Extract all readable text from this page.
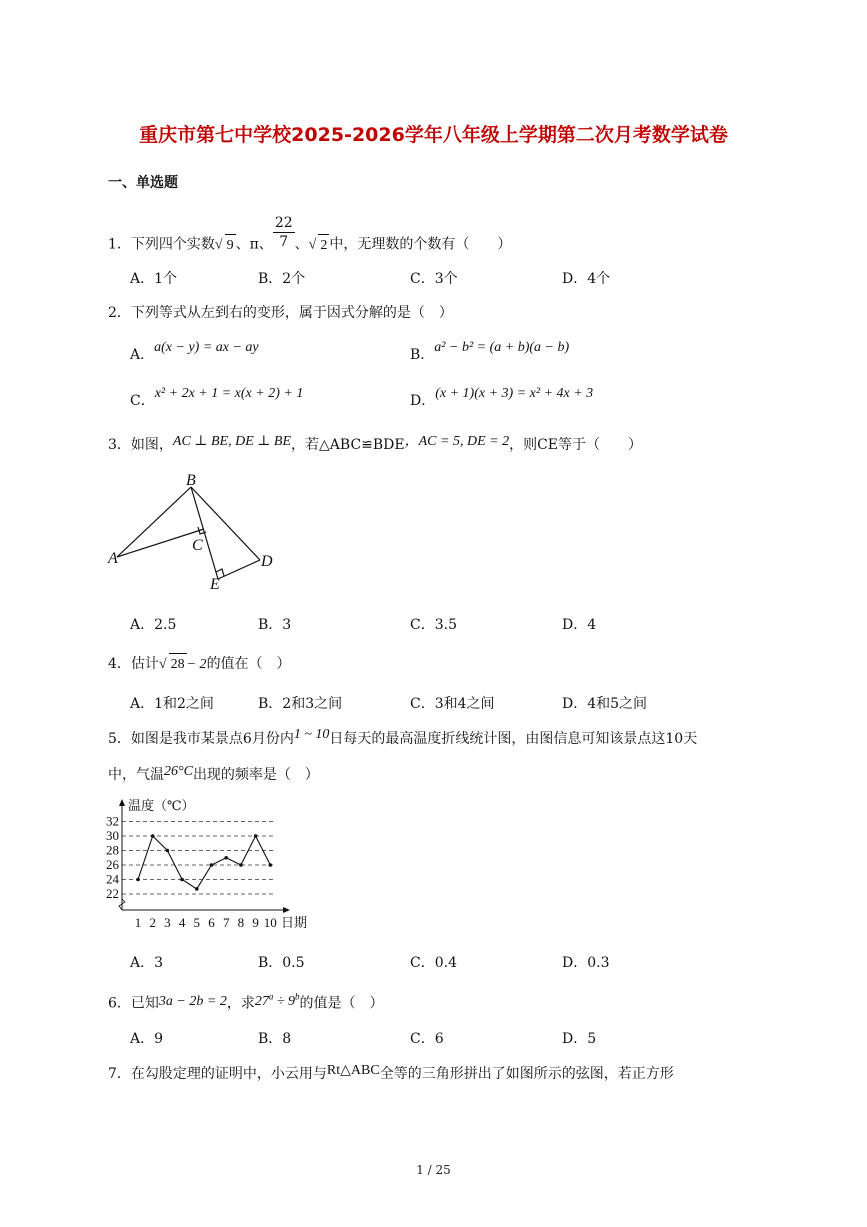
重庆市第七中学校2025-2026学年八年级上学期第二次月考数学试卷
一、单选题
1．下列四个实数√ 9 、π、 $\frac{22}{7}$ 、√ 2 中，无理数的个数有（　　）
A．1个	B．2个	C．3个	D．4个
2．下列等式从左到右的变形，属于因式分解的是（　）
A．a(x − y) = ax − ay	B．a² − b² = (a + b)(a − b)
C．x² + 2x + 1 = x(x + 2) + 1	D．(x + 1)(x + 3) = x² + 4x + 3
3．如图，AC ⊥ BE, DE ⊥ BE，若△ABC≌BDE，AC = 5, DE = 2，则CE等于（　　）
B
C
A	D
E
A．2.5	B．3	C．3.5	D．4
4．估计√ 28 − 2的值在（　）
A．1和2之间	B．2和3之间	C．3和4之间	D．4和5之间
5．如图是我市某景点6月份内1 ~ 10日每天的最高温度折线统计图，由图信息可知该景点这10天
中，气温26°C出现的频率是（　）
22
24
26
28
30
32
温度（℃）
日期
1 2 3 4 5 6 7 8 9 10
A．3	B．0.5	C．0.4	D．0.3
6．已知3a − 2b = 2，求$27^a \div 9^b$的值是（　）
A．9	B．8	C．6	D．5
7．在勾股定理的证明中，小云用与Rt△ABC全等的三角形拼出了如图所示的弦图，若正方形
1 / 25
